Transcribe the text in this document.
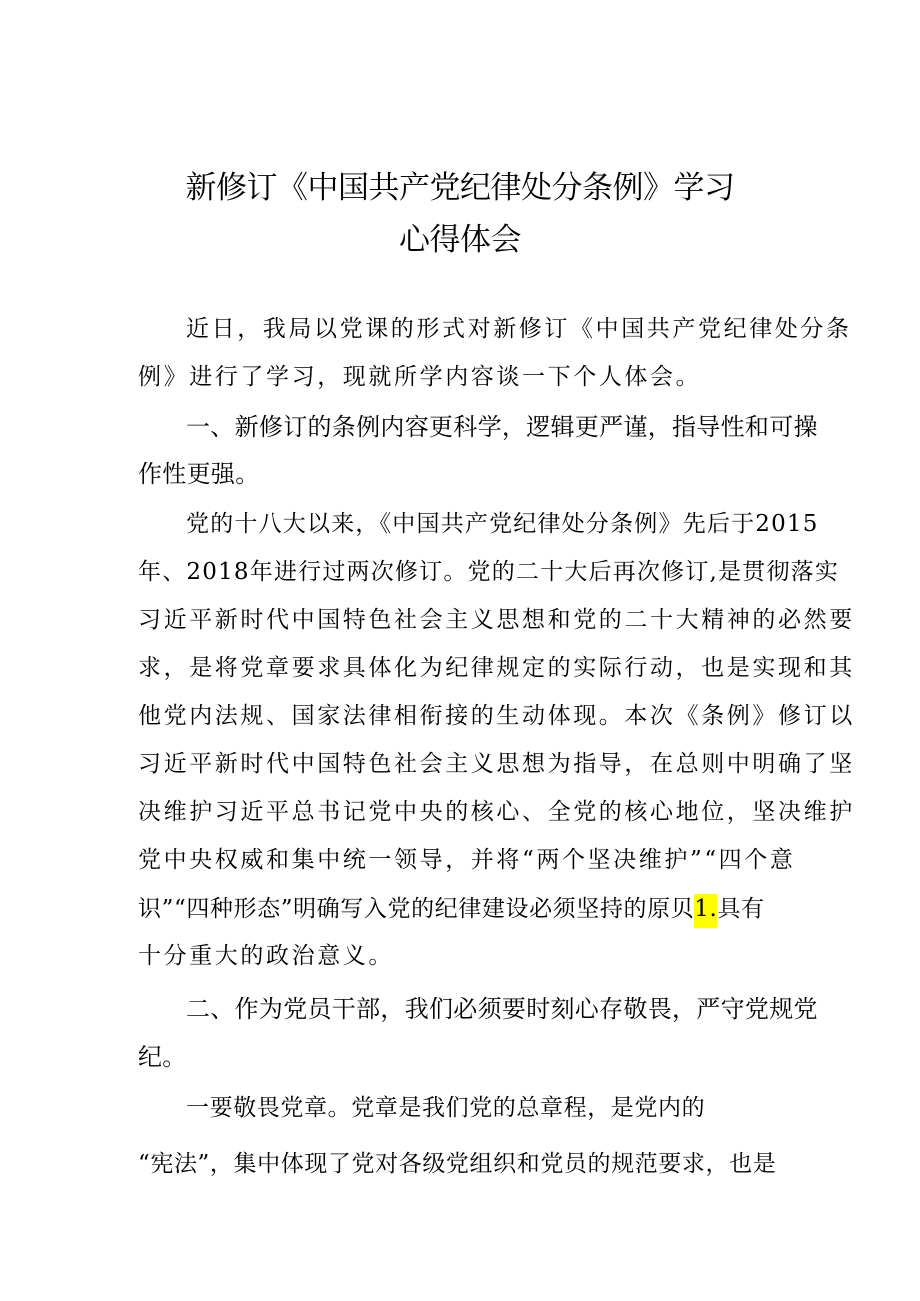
新修订《中国共产党纪律处分条例》学习
心得体会
近日，我局以党课的形式对新修订《中国共产党纪律处分条
例》进行了学习，现就所学内容谈一下个人体会。
一、新修订的条例内容更科学，逻辑更严谨，指导性和可操
作性更强。
党的十八大以来，《中国共产党纪律处分条例》先后于2015
年、2018年进行过两次修订。党的二十大后再次修订,是贯彻落实
习近平新时代中国特色社会主义思想和党的二十大精神的必然要
求，是将党章要求具体化为纪律规定的实际行动，也是实现和其
他党内法规、国家法律相衔接的生动体现。本次《条例》修订以
习近平新时代中国特色社会主义思想为指导，在总则中明确了坚
决维护习近平总书记党中央的核心、全党的核心地位，坚决维护
党中央权威和集中统一领导，并将“两个坚决维护”“四个意
识”“四种形态”明确写入党的纪律建设必须坚持的原贝1.具有
十分重大的政治意义。
二、作为党员干部，我们必须要时刻心存敬畏，严守党规党
纪。
一要敬畏党章。党章是我们党的总章程，是党内的
“宪法”，集中体现了党对各级党组织和党员的规范要求，也是
